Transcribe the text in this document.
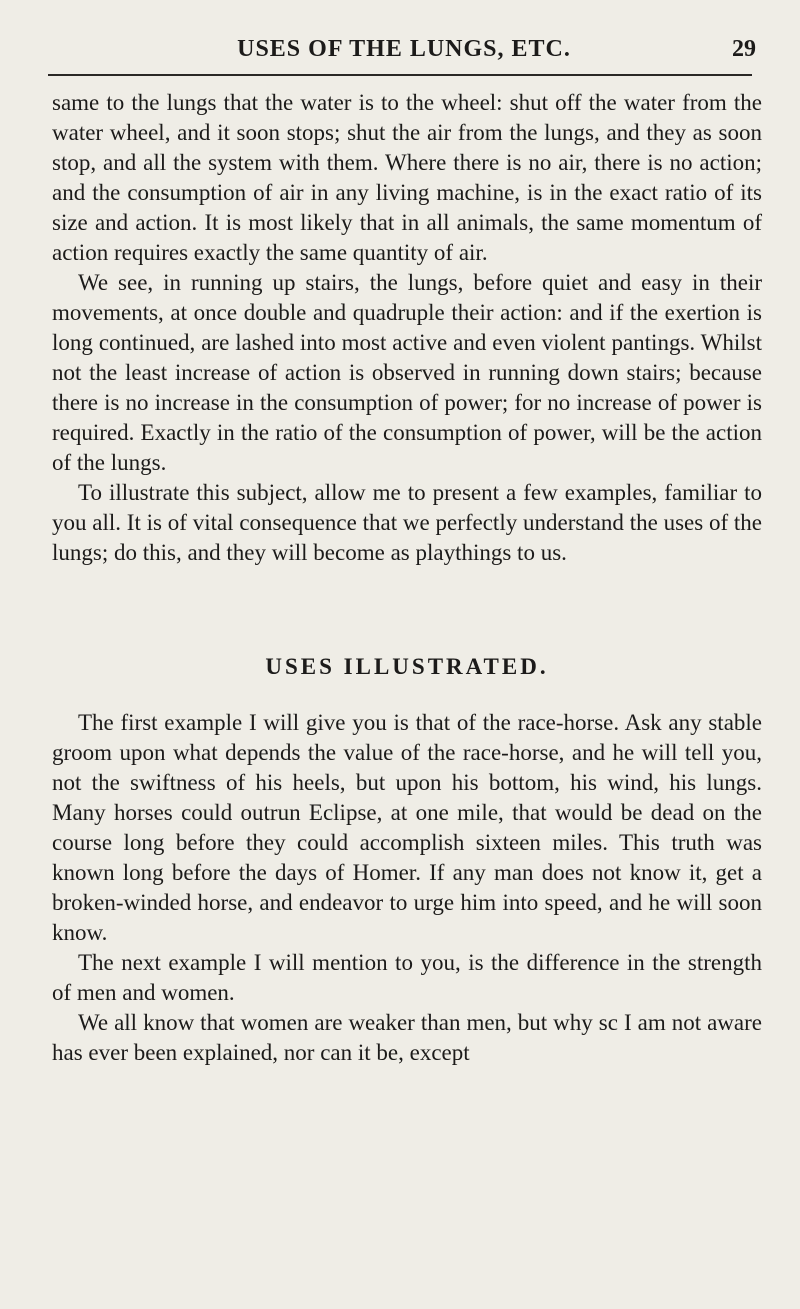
USES OF THE LUNGS, ETC.	29

same to the lungs that the water is to the wheel: shut off the water from the water wheel, and it soon stops; shut the air from the lungs, and they as soon stop, and all the system with them. Where there is no air, there is no action; and the consumption of air in any living machine, is in the exact ratio of its size and action. It is most likely that in all animals, the same momentum of action requires exactly the same quantity of air.

We see, in running up stairs, the lungs, before quiet and easy in their movements, at once double and quadruple their action: and if the exertion is long continued, are lashed into most active and even violent pantings. Whilst not the least increase of action is observed in running down stairs; because there is no increase in the consumption of power; for no increase of power is required. Exactly in the ratio of the consumption of power, will be the action of the lungs.

To illustrate this subject, allow me to present a few examples, familiar to you all. It is of vital consequence that we perfectly understand the uses of the lungs; do this, and they will become as playthings to us.

USES ILLUSTRATED.

The first example I will give you is that of the race-horse. Ask any stable groom upon what depends the value of the race-horse, and he will tell you, not the swiftness of his heels, but upon his bottom, his wind, his lungs. Many horses could outrun Eclipse, at one mile, that would be dead on the course long before they could accomplish sixteen miles. This truth was known long before the days of Homer. If any man does not know it, get a broken-winded horse, and endeavor to urge him into speed, and he will soon know.

The next example I will mention to you, is the difference in the strength of men and women.

We all know that women are weaker than men, but why sc I am not aware has ever been explained, nor can it be, except
